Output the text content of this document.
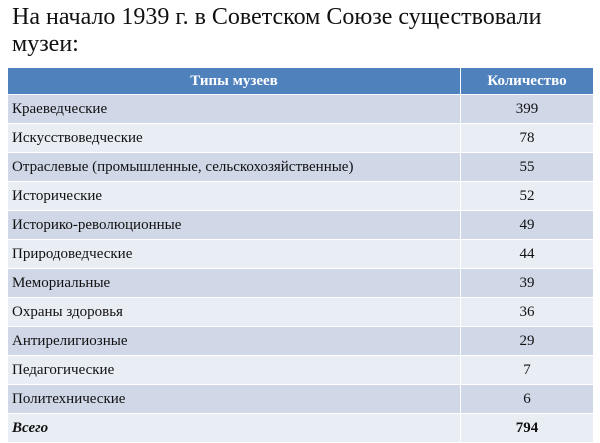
На начало 1939 г. в Советском Союзе существовали музеи:
Типы музеев	Количество
Краеведческие	399
Искусствоведческие	78
Отраслевые (промышленные, сельскохозяйственные)	55
Исторические	52
Историко-революционные	49
Природоведческие	44
Мемориальные	39
Охраны здоровья	36
Антирелигиозные	29
Педагогические	7
Политехнические	6
Всего	794
